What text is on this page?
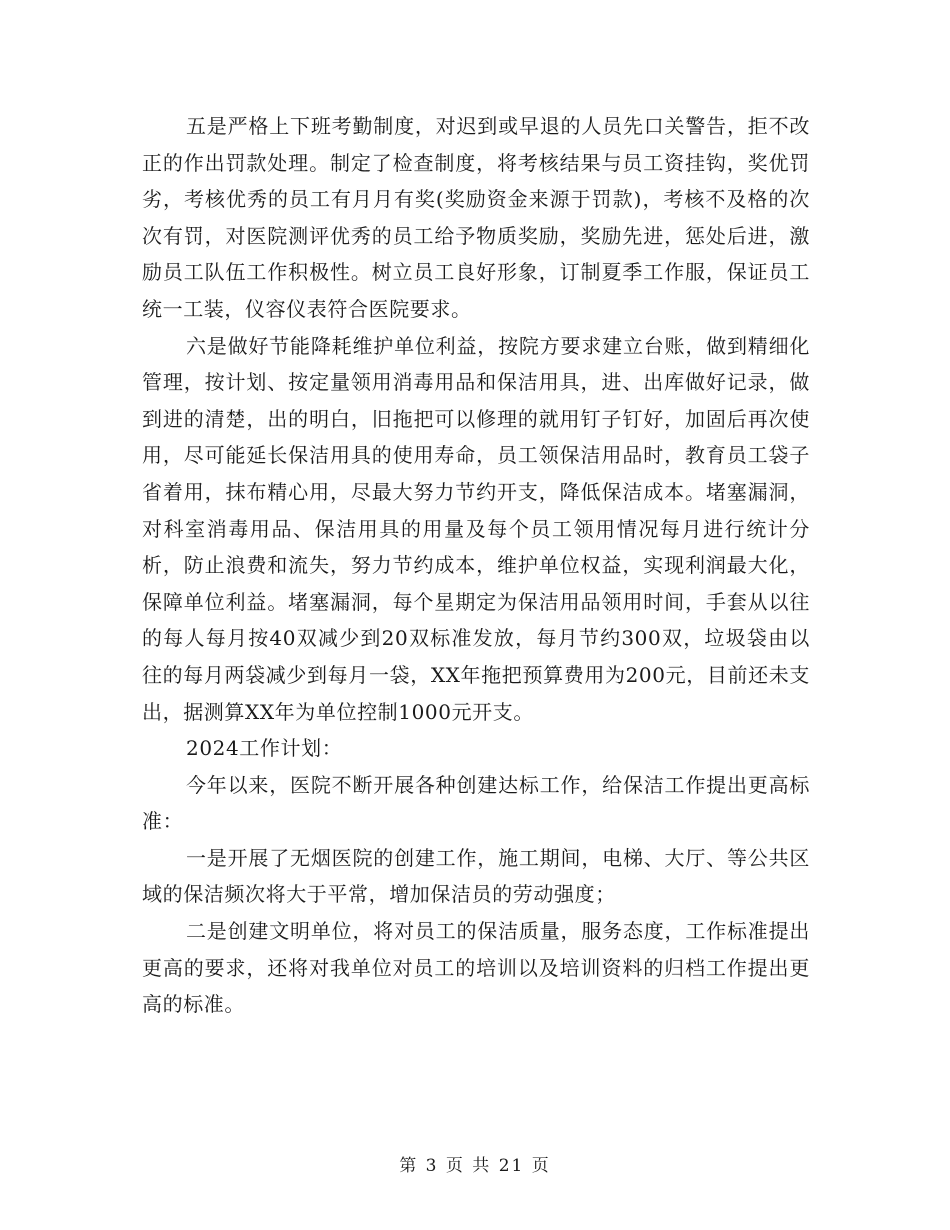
五是严格上下班考勤制度，对迟到或早退的人员先口关警告，拒不改正的作出罚款处理。制定了检查制度，将考核结果与员工资挂钩，奖优罚劣，考核优秀的员工有月月有奖(奖励资金来源于罚款)，考核不及格的次次有罚，对医院测评优秀的员工给予物质奖励，奖励先进，惩处后进，激励员工队伍工作积极性。树立员工良好形象，订制夏季工作服，保证员工统一工装，仪容仪表符合医院要求。

六是做好节能降耗维护单位利益，按院方要求建立台账，做到精细化管理，按计划、按定量领用消毒用品和保洁用具，进、出库做好记录，做到进的清楚，出的明白，旧拖把可以修理的就用钉子钉好，加固后再次使用，尽可能延长保洁用具的使用寿命，员工领保洁用品时，教育员工袋子省着用，抹布精心用，尽最大努力节约开支，降低保洁成本。堵塞漏洞，对科室消毒用品、保洁用具的用量及每个员工领用情况每月进行统计分析，防止浪费和流失，努力节约成本，维护单位权益，实现利润最大化，保障单位利益。堵塞漏洞，每个星期定为保洁用品领用时间，手套从以往的每人每月按40双减少到20双标准发放，每月节约300双，垃圾袋由以往的每月两袋减少到每月一袋，XX年拖把预算费用为200元，目前还未支出，据测算XX年为单位控制1000元开支。

2024工作计划：

今年以来，医院不断开展各种创建达标工作，给保洁工作提出更高标准：

一是开展了无烟医院的创建工作，施工期间，电梯、大厅、等公共区域的保洁频次将大于平常，增加保洁员的劳动强度；

二是创建文明单位，将对员工的保洁质量，服务态度，工作标准提出更高的要求，还将对我单位对员工的培训以及培训资料的归档工作提出更高的标准。

第 3 页 共 21 页
